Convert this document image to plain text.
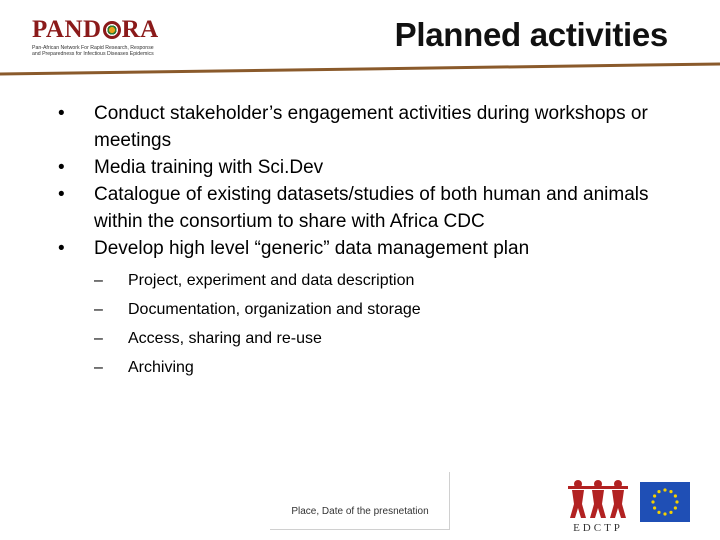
PAND RA
Pan-African Network For Rapid Research, Response
and Preparedness for Infectious Diseases Epidemics
Planned activities
• Conduct stakeholder’s engagement activities during workshops or meetings
• Media training with Sci.Dev
• Catalogue of existing datasets/studies of both human and animals within the consortium to share with Africa CDC
• Develop high level “generic” data management plan
– Project, experiment and data description
– Documentation, organization and storage
– Access, sharing and re-use
– Archiving
Place, Date of the presnetation
EDCTP
